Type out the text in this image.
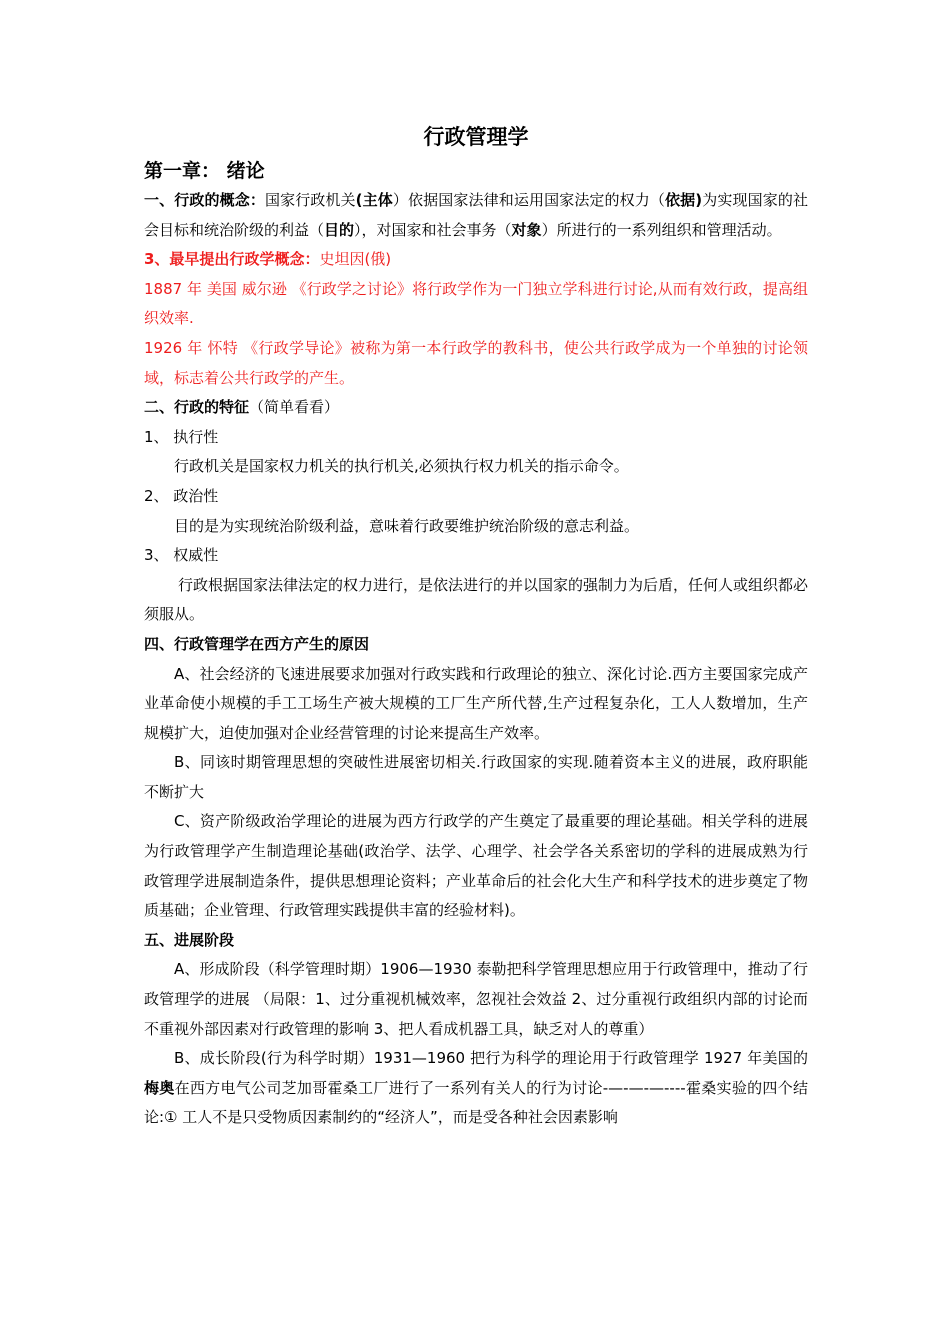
行政管理学
第一章： 绪论

一、行政的概念：国家行政机关(主体）依据国家法律和运用国家法定的权力（依据)为实现国家的社会目标和统治阶级的利益（目的），对国家和社会事务（对象）所进行的一系列组织和管理活动。

3、最早提出行政学概念：史坦因(俄)

1887 年 美国 威尔逊 《行政学之讨论》将行政学作为一门独立学科进行讨论,从而有效行政，提高组织效率.

1926 年 怀特 《行政学导论》被称为第一本行政学的教科书，使公共行政学成为一个单独的讨论领域，标志着公共行政学的产生。

二、行政的特征（简单看看）

1、 执行性

行政机关是国家权力机关的执行机关,必须执行权力机关的指示命令。

2、 政治性

目的是为实现统治阶级利益，意味着行政要维护统治阶级的意志利益。

3、 权威性

行政根据国家法律法定的权力进行，是依法进行的并以国家的强制力为后盾，任何人或组织都必须服从。

四、行政管理学在西方产生的原因

A、社会经济的飞速进展要求加强对行政实践和行政理论的独立、深化讨论.西方主要国家完成产业革命使小规模的手工工场生产被大规模的工厂生产所代替,生产过程复杂化，工人人数增加，生产规模扩大，迫使加强对企业经营管理的讨论来提高生产效率。

B、同该时期管理思想的突破性进展密切相关.行政国家的实现.随着资本主义的进展，政府职能不断扩大

C、资产阶级政治学理论的进展为西方行政学的产生奠定了最重要的理论基础。相关学科的进展为行政管理学产生制造理论基础(政治学、法学、心理学、社会学各关系密切的学科的进展成熟为行政管理学进展制造条件，提供思想理论资料；产业革命后的社会化大生产和科学技术的进步奠定了物质基础；企业管理、行政管理实践提供丰富的经验材料)。

五、进展阶段

A、形成阶段（科学管理时期）1906—1930 泰勒把科学管理思想应用于行政管理中，推动了行政管理学的进展 （局限：1、过分重视机械效率，忽视社会效益 2、过分重视行政组织内部的讨论而不重视外部因素对行政管理的影响 3、把人看成机器工具，缺乏对人的尊重）

B、成长阶段(行为科学时期）1931—1960 把行为科学的理论用于行政管理学 1927 年美国的梅奥在西方电气公司芝加哥霍桑工厂进行了一系列有关人的行为讨论-—-—-—----霍桑实验的四个结论:① 工人不是只受物质因素制约的“经济人”，而是受各种社会因素影响
